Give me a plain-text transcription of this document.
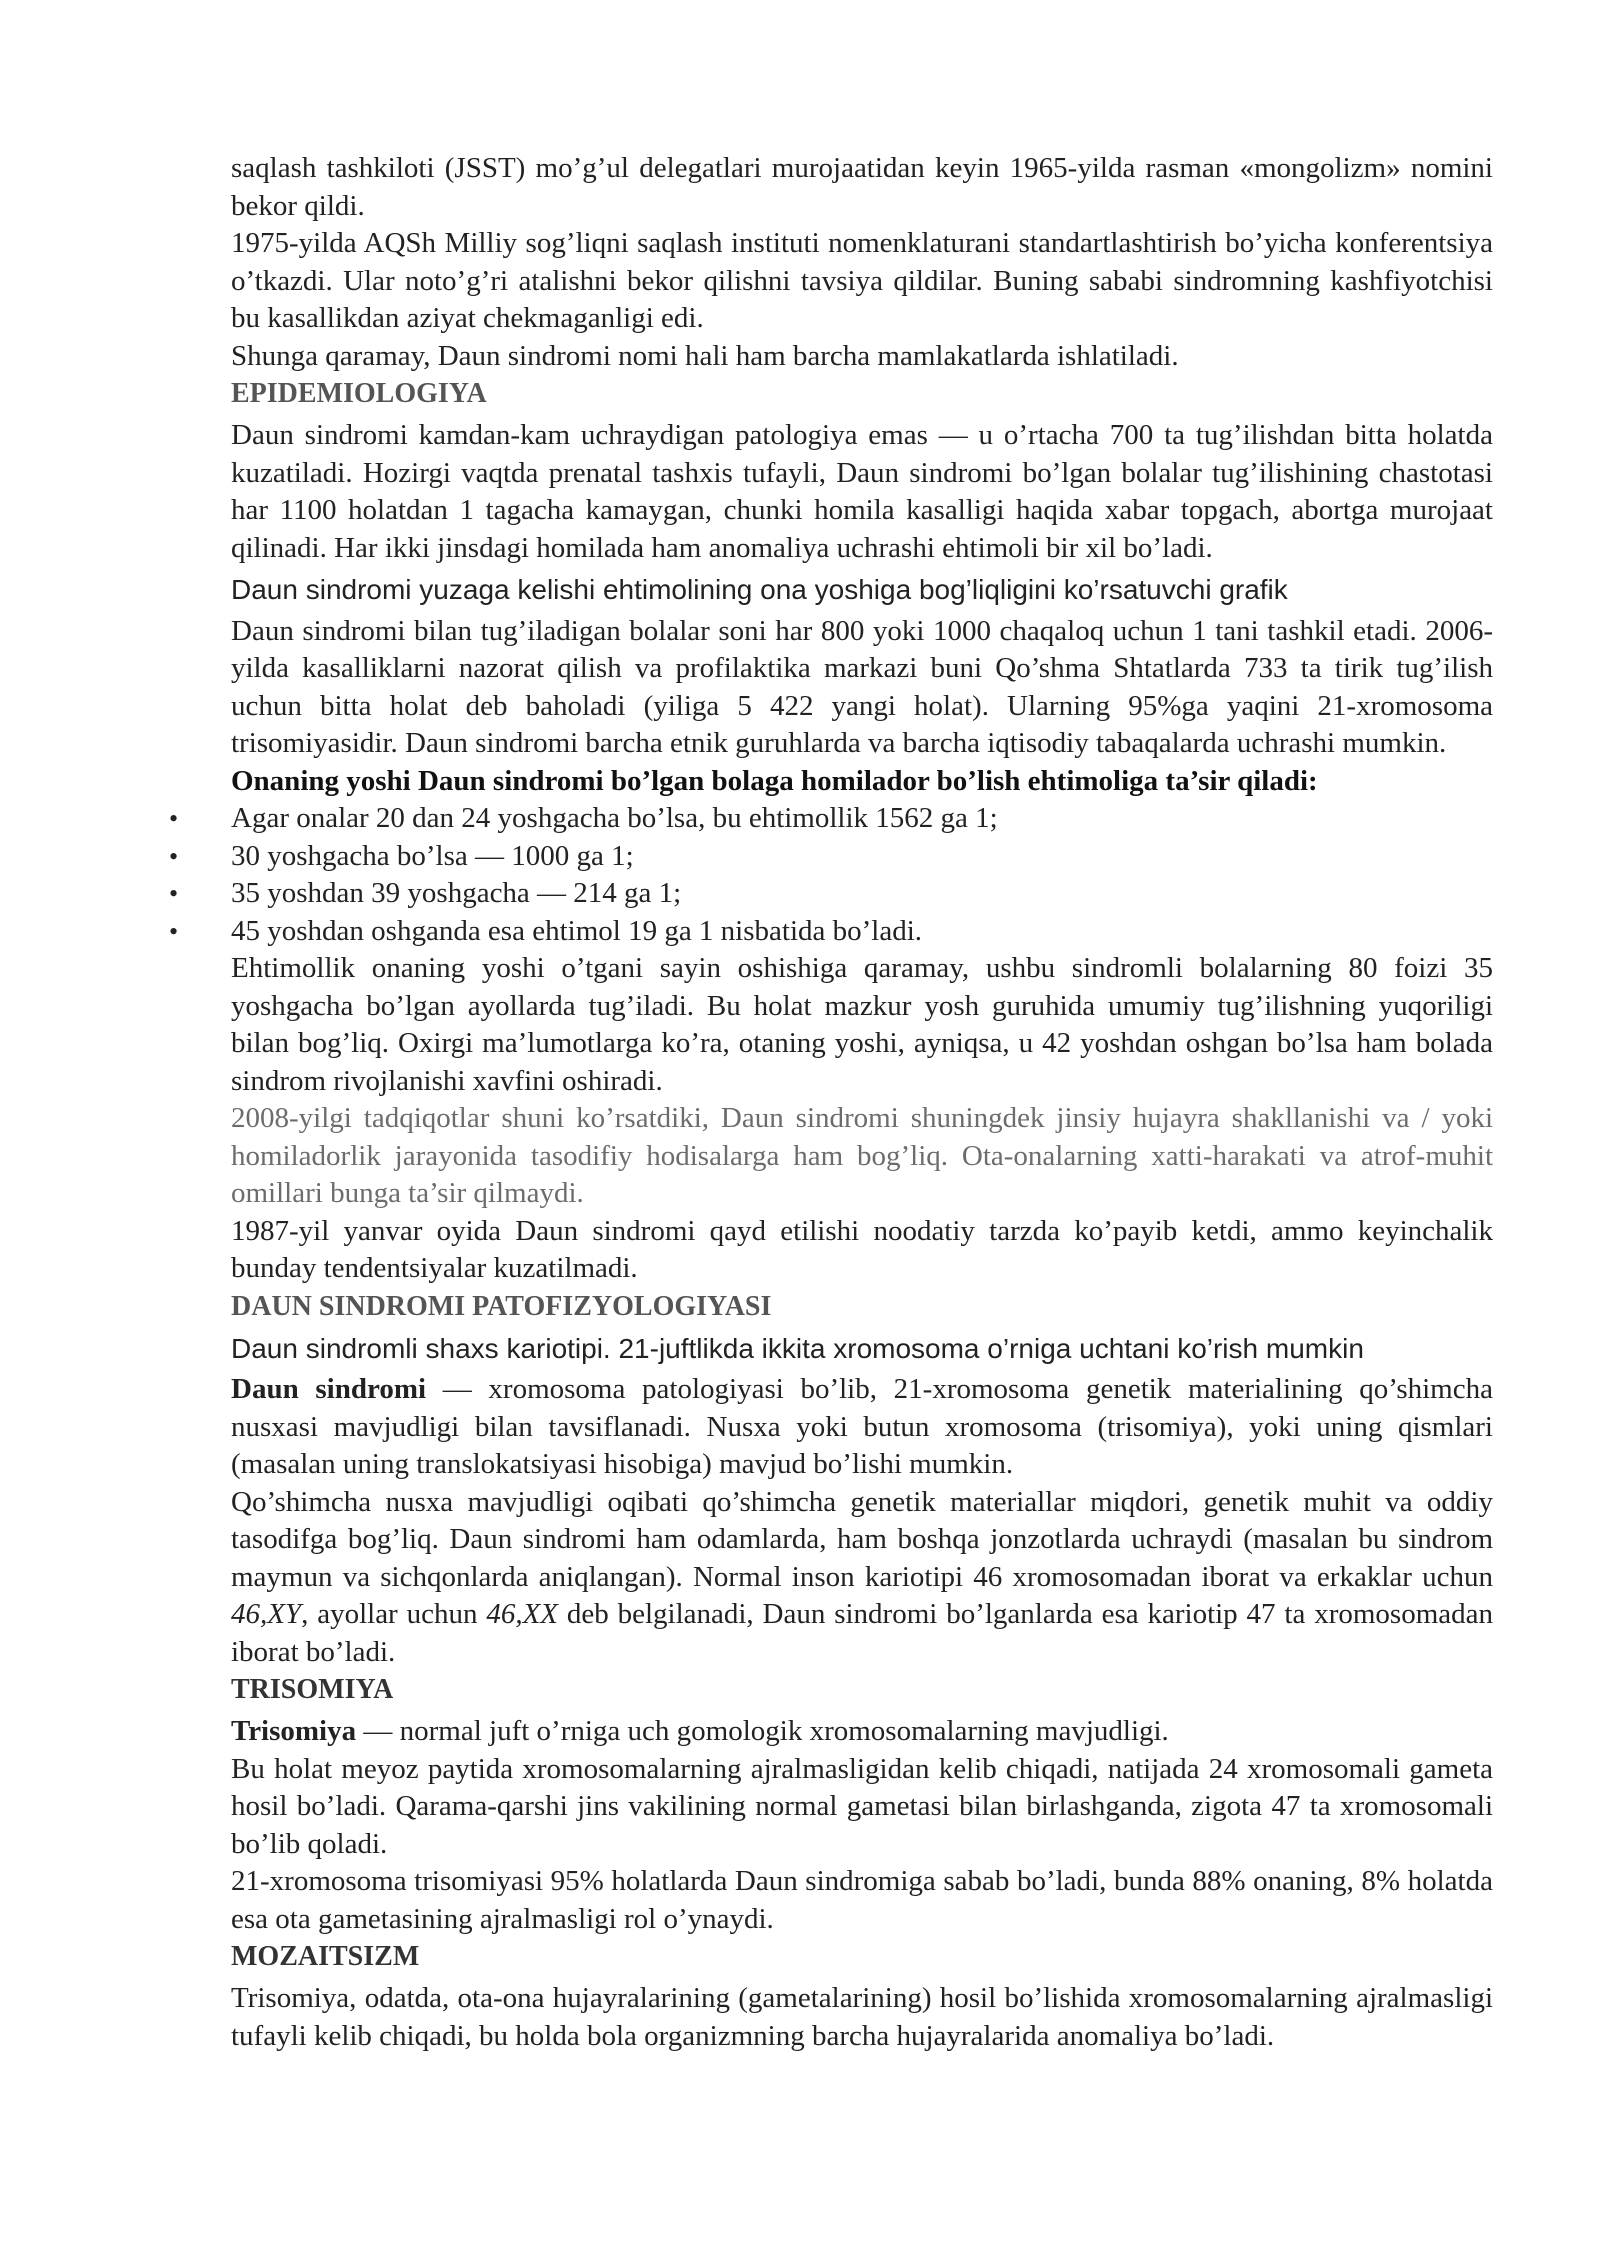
saqlash tashkiloti (JSST) mo’g’ul delegatlari murojaatidan keyin 1965-yilda rasman «mongolizm» nomini bekor qildi.

1975-yilda AQSh Milliy sog’liqni saqlash instituti nomenklaturani standartlashtirish bo’yicha konferentsiya o’tkazdi. Ular noto’g’ri atalishni bekor qilishni tavsiya qildilar. Buning sababi sindromning kashfiyotchisi bu kasallikdan aziyat chekmaganligi edi.

Shunga qaramay, Daun sindromi nomi hali ham barcha mamlakatlarda ishlatiladi.

EPIDEMIOLOGIYA

Daun sindromi kamdan-kam uchraydigan patologiya emas — u o’rtacha 700 ta tug’ilishdan bitta holatda kuzatiladi. Hozirgi vaqtda prenatal tashxis tufayli, Daun sindromi bo’lgan bolalar tug’ilishining chastotasi har 1100 holatdan 1 tagacha kamaygan, chunki homila kasalligi haqida xabar topgach, abortga murojaat qilinadi. Har ikki jinsdagi homilada ham anomaliya uchrashi ehtimoli bir xil bo’ladi.

Daun sindromi yuzaga kelishi ehtimolining ona yoshiga bog’liqligini ko’rsatuvchi grafik

Daun sindromi bilan tug’iladigan bolalar soni har 800 yoki 1000 chaqaloq uchun 1 tani tashkil etadi. 2006-yilda kasalliklarni nazorat qilish va profilaktika markazi buni Qo’shma Shtatlarda 733 ta tirik tug’ilish uchun bitta holat deb baholadi (yiliga 5 422 yangi holat). Ularning 95%ga yaqini 21-xromosoma trisomiyasidir. Daun sindromi barcha etnik guruhlarda va barcha iqtisodiy tabaqalarda uchrashi mumkin.

Onaning yoshi Daun sindromi bo’lgan bolaga homilador bo’lish ehtimoliga ta’sir qiladi:

• Agar onalar 20 dan 24 yoshgacha bo’lsa, bu ehtimollik 1562 ga 1;
• 30 yoshgacha bo’lsa — 1000 ga 1;
• 35 yoshdan 39 yoshgacha — 214 ga 1;
• 45 yoshdan oshganda esa ehtimol 19 ga 1 nisbatida bo’ladi.

Ehtimollik onaning yoshi o’tgani sayin oshishiga qaramay, ushbu sindromli bolalarning 80 foizi 35 yoshgacha bo’lgan ayollarda tug’iladi. Bu holat mazkur yosh guruhida umumiy tug’ilishning yuqoriligi bilan bog’liq. Oxirgi ma’lumotlarga ko’ra, otaning yoshi, ayniqsa, u 42 yoshdan oshgan bo’lsa ham bolada sindrom rivojlanishi xavfini oshiradi.

2008-yilgi tadqiqotlar shuni ko’rsatdiki, Daun sindromi shuningdek jinsiy hujayra shakllanishi va / yoki homiladorlik jarayonida tasodifiy hodisalarga ham bog’liq. Ota-onalarning xatti-harakati va atrof-muhit omillari bunga ta’sir qilmaydi.

1987-yil yanvar oyida Daun sindromi qayd etilishi noodatiy tarzda ko’payib ketdi, ammo keyinchalik bunday tendentsiyalar kuzatilmadi.

DAUN SINDROMI PATOFIZYOLOGIYASI

Daun sindromli shaxs kariotipi. 21-juftlikda ikkita xromosoma o’rniga uchtani ko’rish mumkin

Daun sindromi — xromosoma patologiyasi bo’lib, 21-xromosoma genetik materialining qo’shimcha nusxasi mavjudligi bilan tavsiflanadi. Nusxa yoki butun xromosoma (trisomiya), yoki uning qismlari (masalan uning translokatsiyasi hisobiga) mavjud bo’lishi mumkin.

Qo’shimcha nusxa mavjudligi oqibati qo’shimcha genetik materiallar miqdori, genetik muhit va oddiy tasodifga bog’liq. Daun sindromi ham odamlarda, ham boshqa jonzotlarda uchraydi (masalan bu sindrom maymun va sichqonlarda aniqlangan). Normal inson kariotipi 46 xromosomadan iborat va erkaklar uchun 46,XY, ayollar uchun 46,XX deb belgilanadi, Daun sindromi bo’lganlarda esa kariotip 47 ta xromosomadan iborat bo’ladi.

TRISOMIYA

Trisomiya — normal juft o’rniga uch gomologik xromosomalarning mavjudligi.

Bu holat meyoz paytida xromosomalarning ajralmasligidan kelib chiqadi, natijada 24 xromosomali gameta hosil bo’ladi. Qarama-qarshi jins vakilining normal gametasi bilan birlashganda, zigota 47 ta xromosomali bo’lib qoladi.

21-xromosoma trisomiyasi 95% holatlarda Daun sindromiga sabab bo’ladi, bunda 88% onaning, 8% holatda esa ota gametasining ajralmasligi rol o’ynaydi.

MOZAITSIZM

Trisomiya, odatda, ota-ona hujayralarining (gametalarining) hosil bo’lishida xromosomalarning ajralmasligi tufayli kelib chiqadi, bu holda bola organizmning barcha hujayralarida anomaliya bo’ladi.
